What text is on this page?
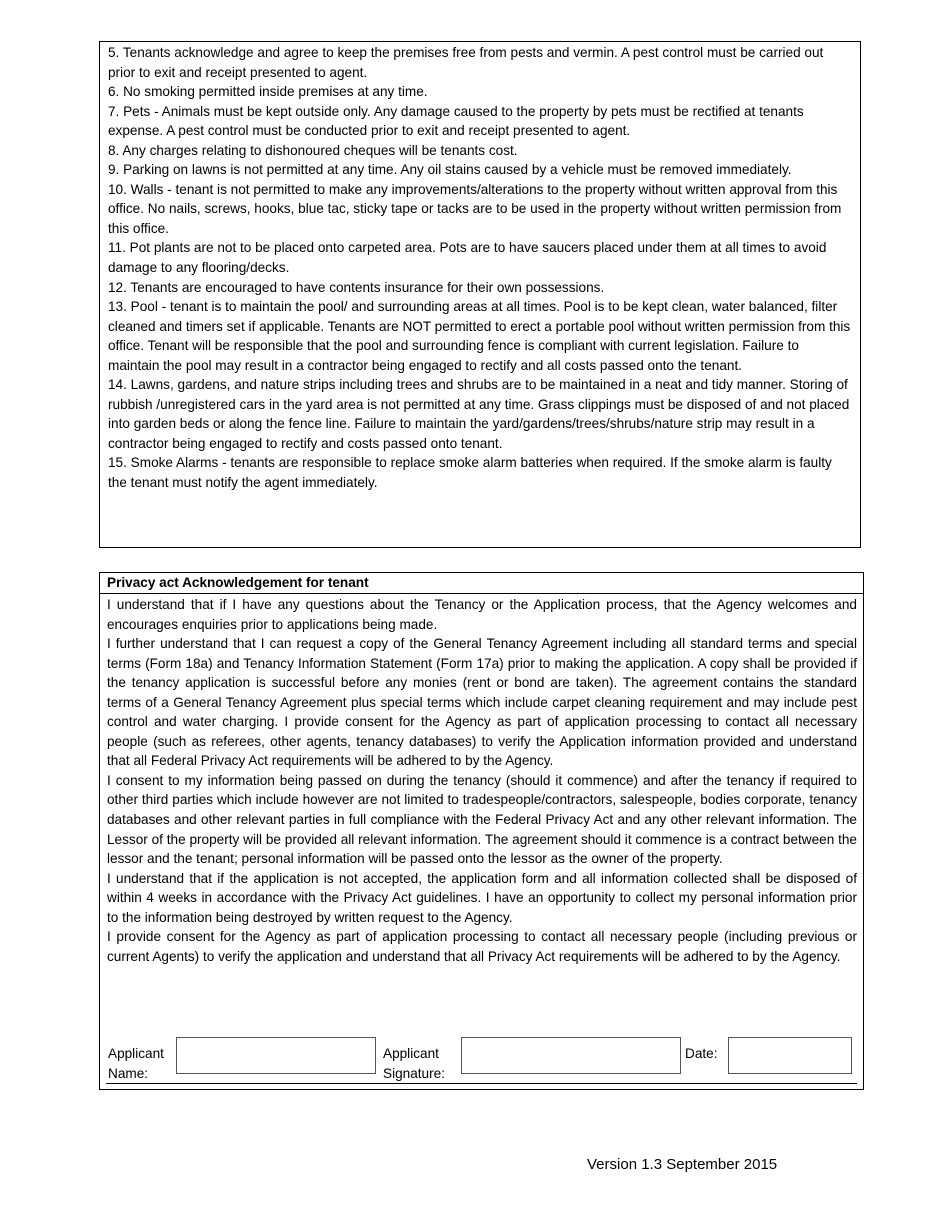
5. Tenants acknowledge and agree to keep the premises free from pests and vermin. A pest control must be carried out prior to exit and receipt presented to agent.

6. No smoking permitted inside premises at any time.

7. Pets - Animals must be kept outside only. Any damage caused to the property by pets must be rectified at tenants expense. A pest control must be conducted prior to exit and receipt presented to agent.

8. Any charges relating to dishonoured cheques will be tenants cost.

9. Parking on lawns is not permitted at any time. Any oil stains caused by a vehicle must be removed immediately.

10. Walls - tenant is not permitted to make any improvements/alterations to the property without written approval from this office. No nails, screws, hooks, blue tac, sticky tape or tacks are to be used in the property without written permission from this office.

11. Pot plants are not to be placed onto carpeted area. Pots are to have saucers placed under them at all times to avoid damage to any flooring/decks.

12. Tenants are encouraged to have contents insurance for their own possessions.

13. Pool - tenant is to maintain the pool/ and surrounding areas at all times. Pool is to be kept clean, water balanced, filter cleaned and timers set if applicable. Tenants are NOT permitted to erect a portable pool without written permission from this office. Tenant will be responsible that the pool and surrounding fence is compliant with current legislation. Failure to maintain the pool may result in a contractor being engaged to rectify and all costs passed onto the tenant.

14. Lawns, gardens, and nature strips including trees and shrubs are to be maintained in a neat and tidy manner. Storing of rubbish /unregistered cars in the yard area is not permitted at any time. Grass clippings must be disposed of and not placed into garden beds or along the fence line. Failure to maintain the yard/gardens/trees/shrubs/nature strip may result in a contractor being engaged to rectify and costs passed onto tenant.

15. Smoke Alarms - tenants are responsible to replace smoke alarm batteries when required. If the smoke alarm is faulty the tenant must notify the agent immediately.

Privacy act Acknowledgement for tenant

I understand that if I have any questions about the Tenancy or the Application process, that the Agency welcomes and encourages enquiries prior to applications being made.

I further understand that I can request a copy of the General Tenancy Agreement including all standard terms and special terms (Form 18a) and Tenancy Information Statement (Form 17a) prior to making the application. A copy shall be provided if the tenancy application is successful before any monies (rent or bond are taken). The agreement contains the standard terms of a General Tenancy Agreement plus special terms which include carpet cleaning requirement and may include pest control and water charging. I provide consent for the Agency as part of application processing to contact all necessary people (such as referees, other agents, tenancy databases) to verify the Application information provided and understand that all Federal Privacy Act requirements will be adhered to by the Agency.

I consent to my information being passed on during the tenancy (should it commence) and after the tenancy if required to other third parties which include however are not limited to tradespeople/contractors, salespeople, bodies corporate, tenancy databases and other relevant parties in full compliance with the Federal Privacy Act and any other relevant information. The Lessor of the property will be provided all relevant information. The agreement should it commence is a contract between the lessor and the tenant; personal information will be passed onto the lessor as the owner of the property.

I understand that if the application is not accepted, the application form and all information collected shall be disposed of within 4 weeks in accordance with the Privacy Act guidelines. I have an opportunity to collect my personal information prior to the information being destroyed by written request to the Agency.

I provide consent for the Agency as part of application processing to contact all necessary people (including previous or current Agents) to verify the application and understand that all Privacy Act requirements will be adhered to by the Agency.

Applicant
Name:
Applicant
Signature:
Date:
Version 1.3 September 2015
